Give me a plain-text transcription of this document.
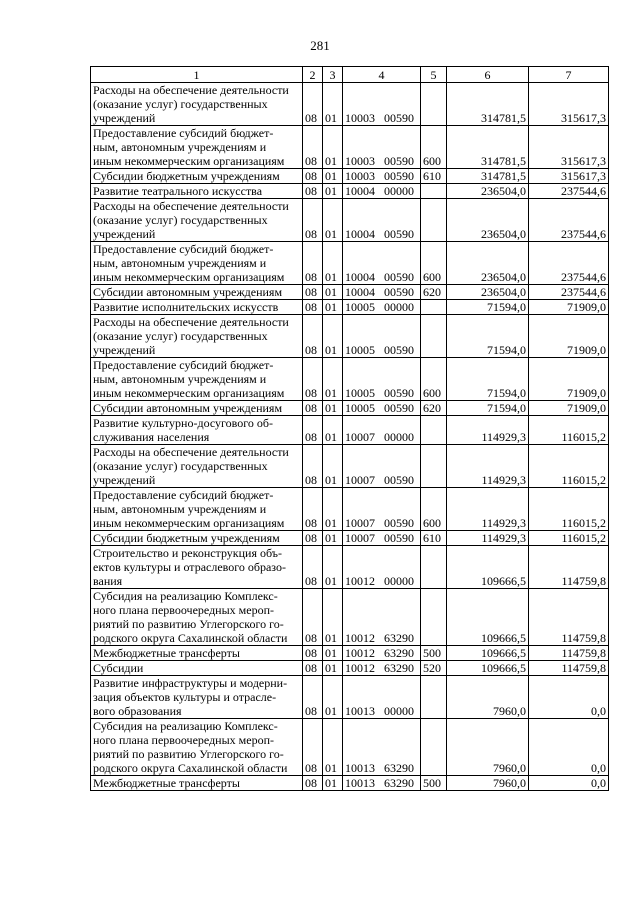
281
1	2	3	4	5	6	7
Расходы на обеспечение деятельности
(оказание услуг) государственных
учреждений	08	01	10003 00590		314781,5	315617,3
Предоставление субсидий бюджет-
ным, автономным учреждениям и
иным некоммерческим организациям	08	01	10003 00590	600	314781,5	315617,3
Субсидии бюджетным учреждениям	08	01	10003 00590	610	314781,5	315617,3
Развитие театрального искусства	08	01	10004 00000		236504,0	237544,6
Расходы на обеспечение деятельности
(оказание услуг) государственных
учреждений	08	01	10004 00590		236504,0	237544,6
Предоставление субсидий бюджет-
ным, автономным учреждениям и
иным некоммерческим организациям	08	01	10004 00590	600	236504,0	237544,6
Субсидии автономным учреждениям	08	01	10004 00590	620	236504,0	237544,6
Развитие исполнительских искусств	08	01	10005 00000		71594,0	71909,0
Расходы на обеспечение деятельности
(оказание услуг) государственных
учреждений	08	01	10005 00590		71594,0	71909,0
Предоставление субсидий бюджет-
ным, автономным учреждениям и
иным некоммерческим организациям	08	01	10005 00590	600	71594,0	71909,0
Субсидии автономным учреждениям	08	01	10005 00590	620	71594,0	71909,0
Развитие культурно-досугового об-
служивания населения	08	01	10007 00000		114929,3	116015,2
Расходы на обеспечение деятельности
(оказание услуг) государственных
учреждений	08	01	10007 00590		114929,3	116015,2
Предоставление субсидий бюджет-
ным, автономным учреждениям и
иным некоммерческим организациям	08	01	10007 00590	600	114929,3	116015,2
Субсидии бюджетным учреждениям	08	01	10007 00590	610	114929,3	116015,2
Строительство и реконструкция объ-
ектов культуры и отраслевого образо-
вания	08	01	10012 00000		109666,5	114759,8
Субсидия на реализацию Комплекс-
ного плана первоочередных мероп-
риятий по развитию Углегорского го-
родского округа Сахалинской области	08	01	10012 63290		109666,5	114759,8
Межбюджетные трансферты	08	01	10012 63290	500	109666,5	114759,8
Субсидии	08	01	10012 63290	520	109666,5	114759,8
Развитие инфраструктуры и модерни-
зация объектов культуры и отрасле-
вого образования	08	01	10013 00000		7960,0	0,0
Субсидия на реализацию Комплекс-
ного плана первоочередных мероп-
риятий по развитию Углегорского го-
родского округа Сахалинской области	08	01	10013 63290		7960,0	0,0
Межбюджетные трансферты	08	01	10013 63290	500	7960,0	0,0
